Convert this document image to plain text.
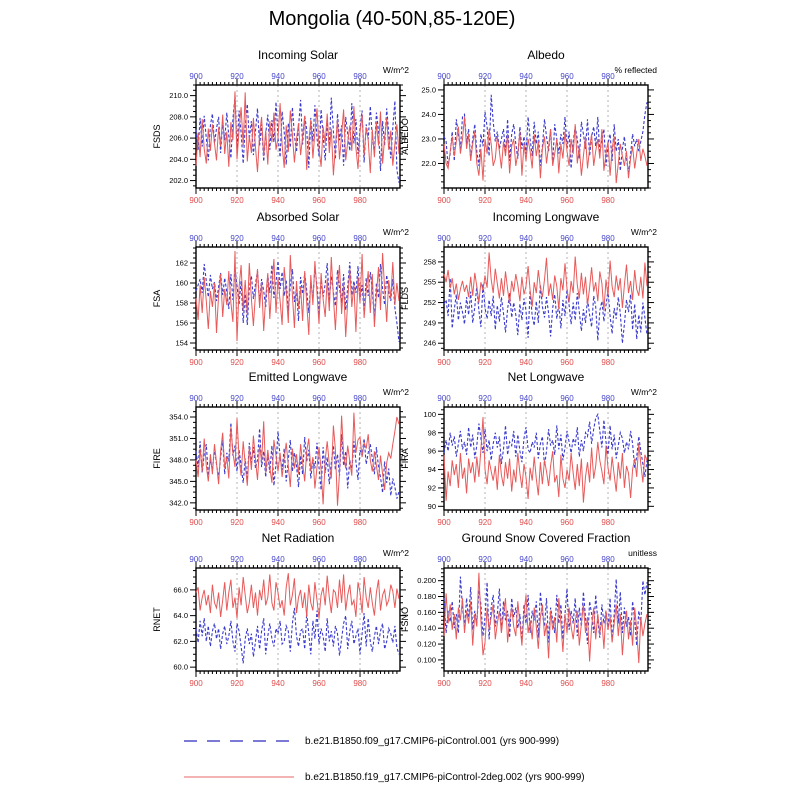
Mongolia (40-50N,85-120E)
Incoming Solar
W/m^2
900
900
920
920
940
940
960
960
980
980
202.0
204.0
206.0
208.0
210.0
FSDS
Albedo
% reflected
900
900
920
920
940
940
960
960
980
980
22.0
23.0
24.0
25.0
ALBEDO
Absorbed Solar
W/m^2
900
900
920
920
940
940
960
960
980
980
154
156
158
160
162
FSA
Incoming Longwave
W/m^2
900
900
920
920
940
940
960
960
980
980
246
249
252
255
258
FLDS
Emitted Longwave
W/m^2
900
900
920
920
940
940
960
960
980
980
342.0
345.0
348.0
351.0
354.0
FIRE
Net Longwave
W/m^2
900
900
920
920
940
940
960
960
980
980
90
92
94
96
98
100
FIRA
Net Radiation
W/m^2
900
900
920
920
940
940
960
960
980
980
60.0
62.0
64.0
66.0
RNET
Ground Snow Covered Fraction
unitless
900
900
920
920
940
940
960
960
980
980
0.100
0.120
0.140
0.160
0.180
0.200
FSNO
b.e21.B1850.f09_g17.CMIP6-piControl.001 (yrs 900-999)
b.e21.B1850.f19_g17.CMIP6-piControl-2deg.002 (yrs 900-999)
